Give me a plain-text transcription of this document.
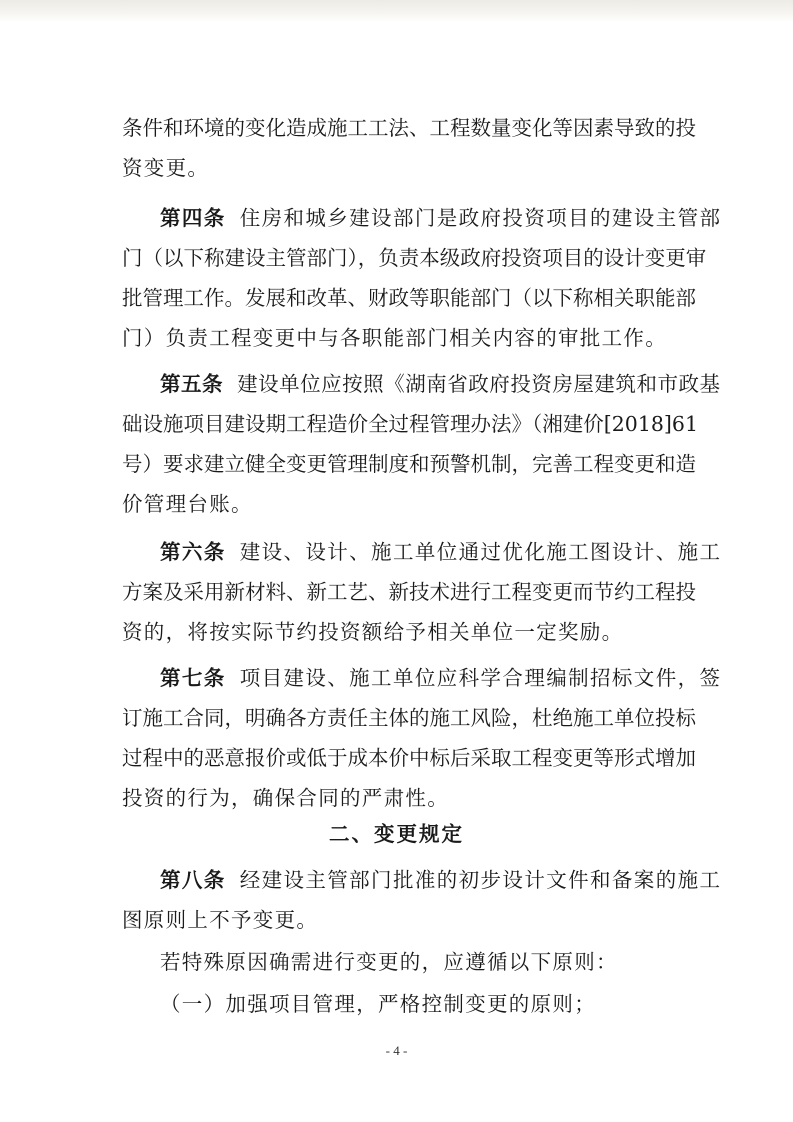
条件和环境的变化造成施工工法、工程数量变化等因素导致的投
资变更。
第四条 住房和城乡建设部门是政府投资项目的建设主管部
门（以下称建设主管部门），负责本级政府投资项目的设计变更审
批管理工作。发展和改革、财政等职能部门（以下称相关职能部
门）负责工程变更中与各职能部门相关内容的审批工作。
第五条 建设单位应按照《湖南省政府投资房屋建筑和市政基
础设施项目建设期工程造价全过程管理办法》（湘建价[2018]61
号）要求建立健全变更管理制度和预警机制，完善工程变更和造
价管理台账。
第六条 建设、设计、施工单位通过优化施工图设计、施工
方案及采用新材料、新工艺、新技术进行工程变更而节约工程投
资的，将按实际节约投资额给予相关单位一定奖励。
第七条 项目建设、施工单位应科学合理编制招标文件，签
订施工合同，明确各方责任主体的施工风险，杜绝施工单位投标
过程中的恶意报价或低于成本价中标后采取工程变更等形式增加
投资的行为，确保合同的严肃性。
二、变更规定
第八条 经建设主管部门批准的初步设计文件和备案的施工
图原则上不予变更。
若特殊原因确需进行变更的，应遵循以下原则：
（一）加强项目管理，严格控制变更的原则；
- 4 -
